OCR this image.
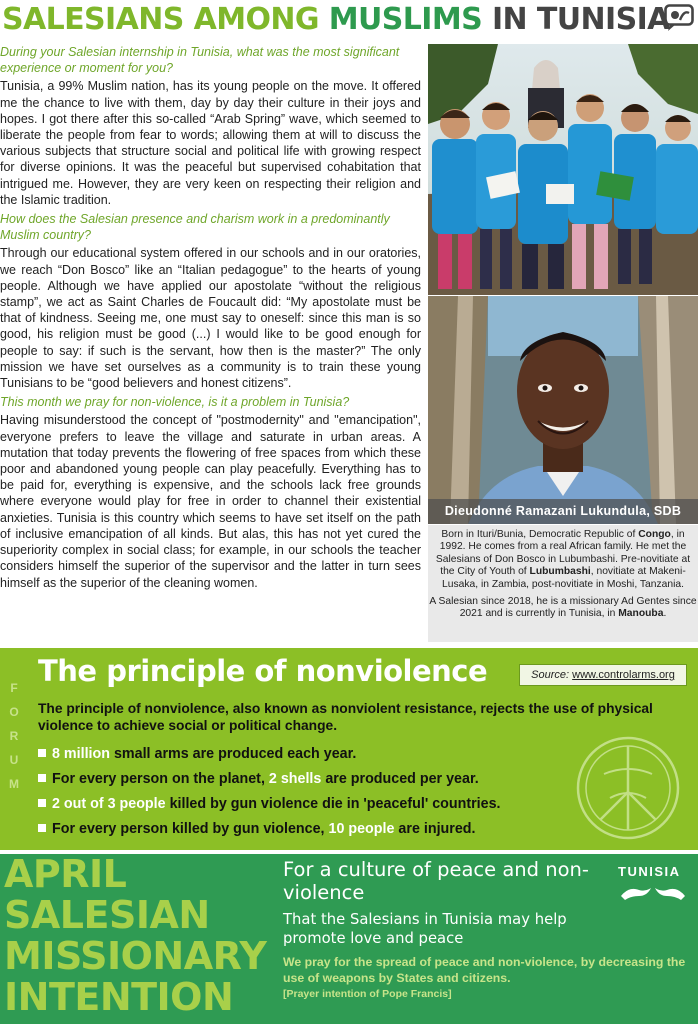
SALESIANS AMONG MUSLIMS IN TUNISIA

During your Salesian internship in Tunisia, what was the most significant experience or moment for you?

Tunisia, a 99% Muslim nation, has its young people on the move. It offered me the chance to live with them, day by day their culture in their joys and hopes. I got there after this so-called “Arab Spring” wave, which seemed to liberate the people from fear to words; allowing them at will to discuss the various subjects that structure social and political life with growing respect for diverse opinions. It was the peaceful but supervised cohabitation that intrigued me. However, they are very keen on respecting their religion and the Islamic tradition.

How does the Salesian presence and charism work in a predominantly Muslim country?

Through our educational system offered in our schools and in our oratories, we reach “Don Bosco” like an “Italian pedagogue” to the hearts of young people. Although we have applied our apostolate “without the religious stamp”, we act as Saint Charles de Foucault did: “My apostolate must be that of kindness. Seeing me, one must say to oneself: since this man is so good, his religion must be good (...) I would like to be good enough for people to say: if such is the servant, how then is the master?” The only mission we have set ourselves as a community is to train these young Tunisians to be “good believers and honest citizens”.

This month we pray for non-violence, is it a problem in Tunisia?

Having misunderstood the concept of "postmodernity" and "emancipation", everyone prefers to leave the village and saturate in urban areas. A mutation that today prevents the flowering of free spaces from which these poor and abandoned young people can play peacefully. Everything has to be paid for, everything is expensive, and the schools lack free grounds where everyone would play for free in order to channel their existential anxieties. Tunisia is this country which seems to have set itself on the path of inclusive emancipation of all kinds. But alas, this has not yet cured the superiority complex in social class; for example, in our schools the teacher considers himself the superior of the supervisor and the latter in turn sees himself as the superior of the cleaning women.

Dieudonné Ramazani Lukundula, SDB

Born in Ituri/Bunia, Democratic Republic of Congo, in 1992. He comes from a real African family. He met the Salesians of Don Bosco in Lubumbashi. Pre-novitiate at the City of Youth of Lubumbashi, novitiate at Makeni-Lusaka, in Zambia, post-novitiate in Moshi, Tanzania.

A Salesian since 2018, he is a missionary Ad Gentes since 2021 and is currently in Tunisia, in Manouba.

F
O
R
U
M
The principle of nonviolence	Source: www.controlarms.org
The principle of nonviolence, also known as nonviolent resistance, rejects the use of physical violence to achieve social or political change.
8 million small arms are produced each year.
For every person on the planet, 2 shells are produced per year.
2 out of 3 people killed by gun violence die in 'peaceful' countries.
For every person killed by gun violence, 10 people are injured.
APRIL
SALESIAN
MISSIONARY
INTENTION

For a culture of peace and non-violence

That the Salesians in Tunisia may help promote love and peace

We pray for the spread of peace and non-violence, by decreasing the use of weapons by States and citizens.

[Prayer intention of Pope Francis]

TUNISIA
